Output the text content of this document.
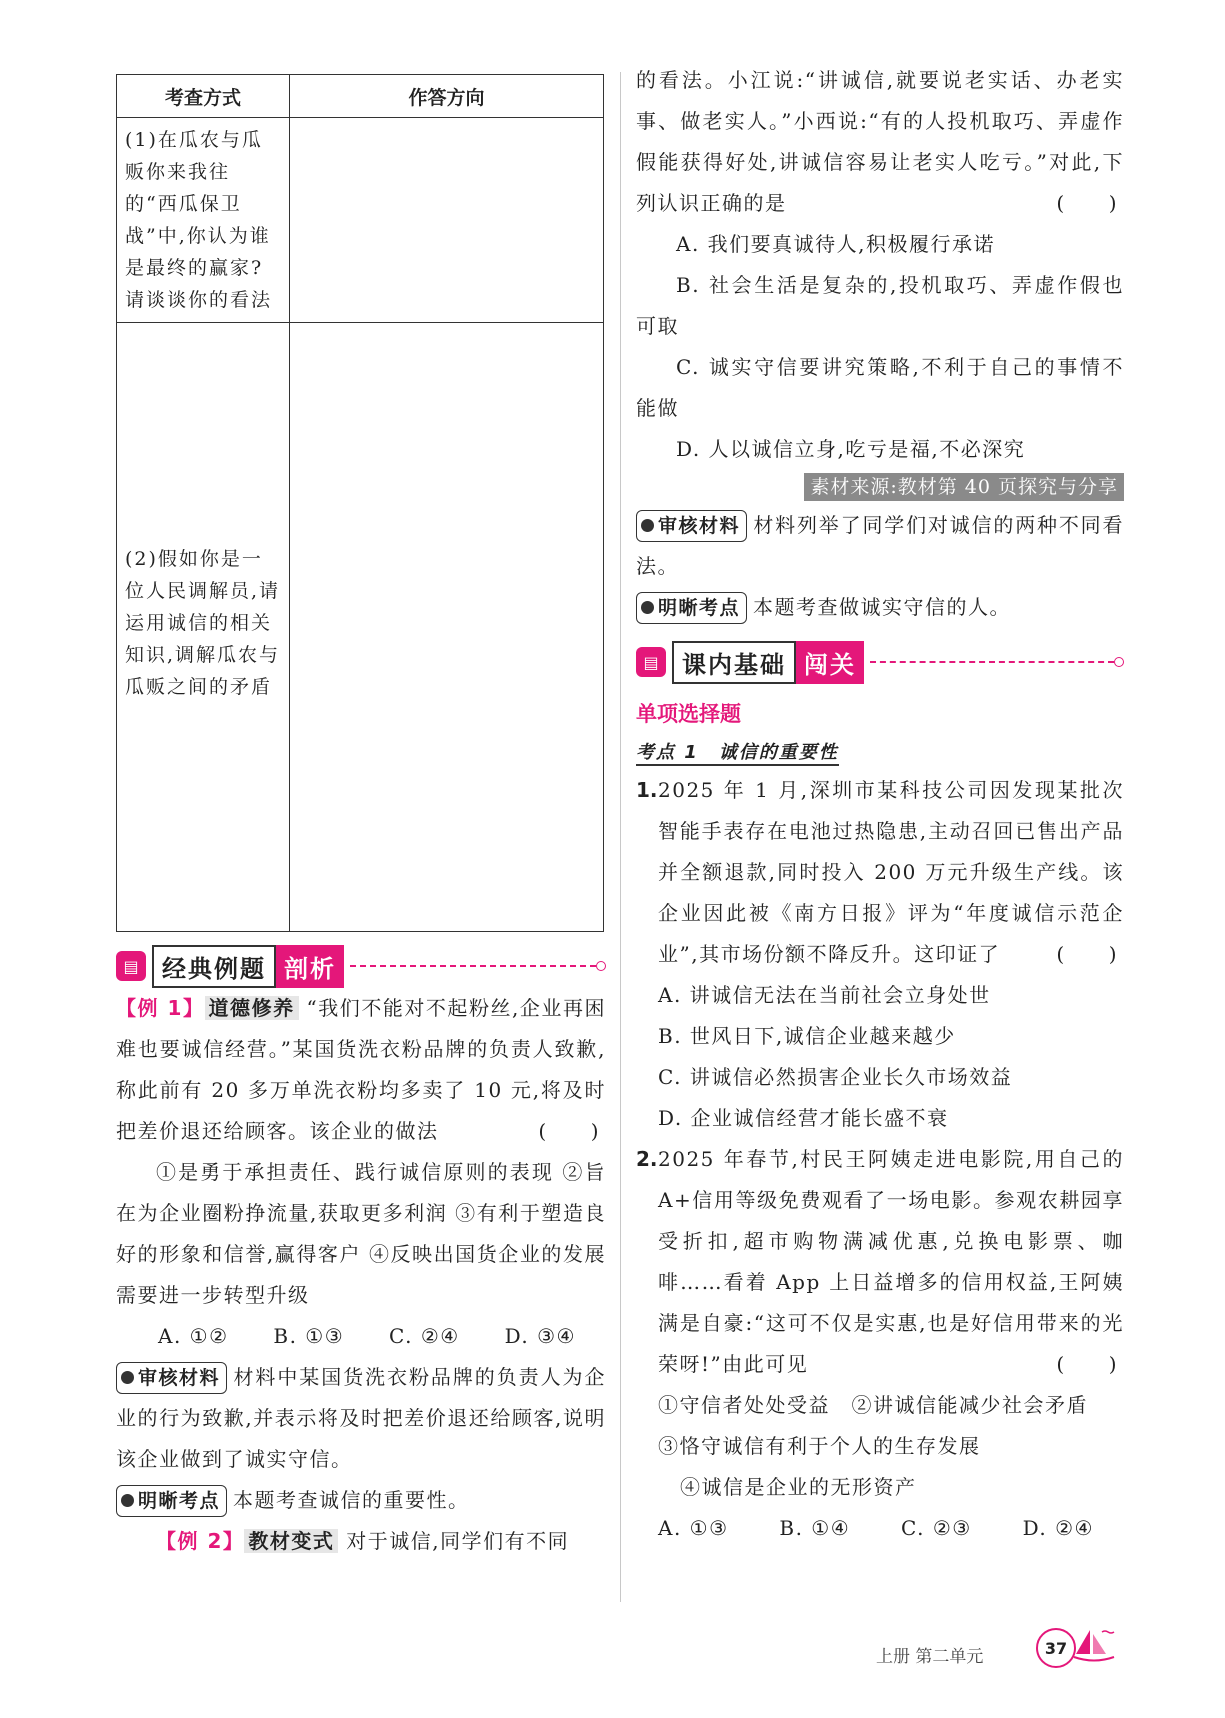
考查方式	作答方向
(1)在瓜农与瓜贩你来我往的“西瓜保卫战”中,你认为谁是最终的赢家?请谈谈你的看法	
(2)假如你是一位人民调解员,请运用诚信的相关知识,调解瓜农与瓜贩之间的矛盾	
▤ 经典例题 剖析
【例 1】 道德修养 “我们不能对不起粉丝,企业再困难也要诚信经营。”某国货洗衣粉品牌的负责人致歉,称此前有 20 多万单洗衣粉均多卖了 10 元,将及时把差价退还给顾客。该企业的做法	(　　)
①是勇于承担责任、践行诚信原则的表现 ②旨在为企业圈粉挣流量,获取更多利润 ③有利于塑造良好的形象和信誉,赢得客户 ④反映出国货企业的发展需要进一步转型升级
A. ①② B. ①③ C. ②④ D. ③④
审核材料 材料中某国货洗衣粉品牌的负责人为企业的行为致歉,并表示将及时把差价退还给顾客,说明该企业做到了诚实守信。
明晰考点 本题考查诚信的重要性。
【例 2】 教材变式 对于诚信,同学们有不同
的看法。小江说:“讲诚信,就要说老实话、办老实事、做老实人。”小西说:“有的人投机取巧、弄虚作假能获得好处,讲诚信容易让老实人吃亏。”对此,下列认识正确的是	(　　)
A. 我们要真诚待人,积极履行承诺
B. 社会生活是复杂的,投机取巧、弄虚作假也可取
C. 诚实守信要讲究策略,不利于自己的事情不能做
D. 人以诚信立身,吃亏是福,不必深究
素材来源:教材第 40 页探究与分享
审核材料 材料列举了同学们对诚信的两种不同看法。
明晰考点 本题考查做诚实守信的人。
▤ 课内基础 闯关
单项选择题
考点 1　诚信的重要性
1. 2025 年 1 月,深圳市某科技公司因发现某批次智能手表存在电池过热隐患,主动召回已售出产品并全额退款,同时投入 200 万元升级生产线。该企业因此被《南方日报》评为“年度诚信示范企业”,其市场份额不降反升。这印证了	(　　)
A. 讲诚信无法在当前社会立身处世
B. 世风日下,诚信企业越来越少
C. 讲诚信必然损害企业长久市场效益
D. 企业诚信经营才能长盛不衰
2. 2025 年春节,村民王阿姨走进电影院,用自己的 A+信用等级免费观看了一场电影。参观农耕园享受折扣,超市购物满减优惠,兑换电影票、咖啡……看着 App 上日益增多的信用权益,王阿姨满是自豪:“这可不仅是实惠,也是好信用带来的光荣呀!”由此可见	(　　)
①守信者处处受益　②讲诚信能减少社会矛盾　③恪守诚信有利于个人的生存发展
④诚信是企业的无形资产
A. ①③	B. ①④	C. ②③	D. ②④
上册 第二单元	37
